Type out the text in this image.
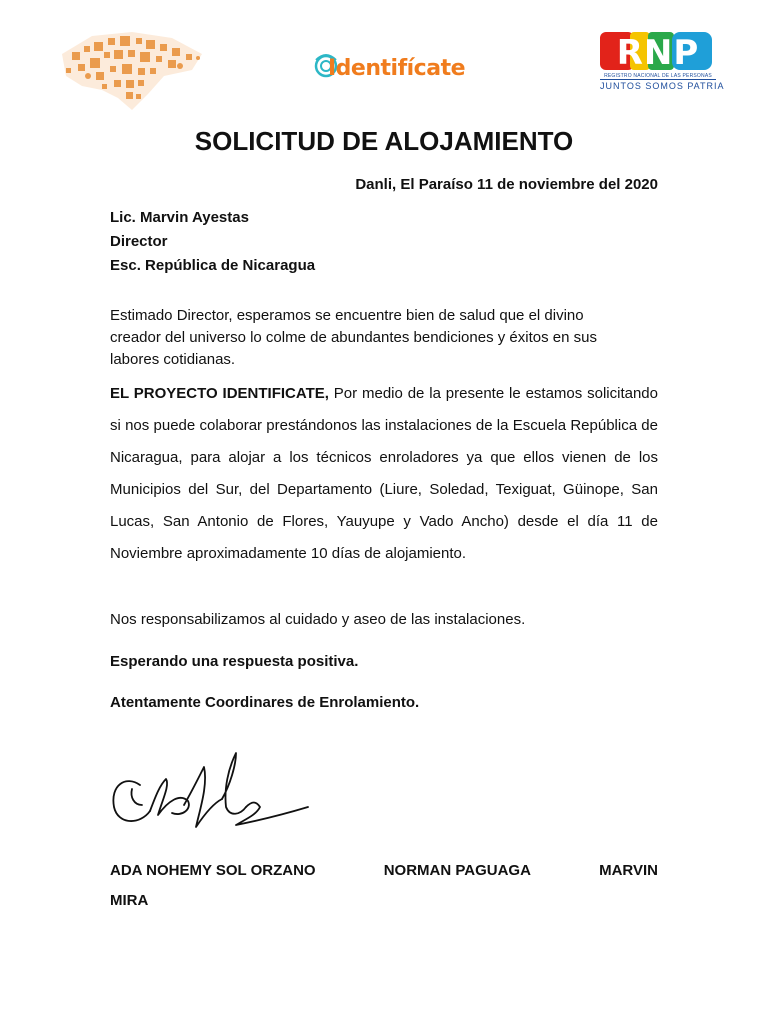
Identifícate	RNP
REGISTRO NACIONAL DE LAS PERSONAS
JUNTOS SOMOS PATRIA
SOLICITUD DE ALOJAMIENTO
Danli, El Paraíso 11 de noviembre del 2020
Lic. Marvin Ayestas
Director
Esc. República de Nicaragua
Estimado Director, esperamos se encuentre bien de salud que el divino
creador del universo lo colme de abundantes bendiciones y éxitos en sus
labores cotidianas.
EL PROYECTO IDENTIFICATE, Por medio de la presente le estamos solicitando si nos puede colaborar prestándonos las instalaciones de la Escuela República de Nicaragua, para alojar a los técnicos enroladores ya que ellos vienen de los Municipios del Sur, del Departamento (Liure, Soledad, Texiguat, Güinope, San Lucas, San Antonio de Flores, Yauyupe y Vado Ancho) desde el día 11 de Noviembre aproximadamente 10 días de alojamiento.
Nos responsabilizamos al cuidado y aseo de las instalaciones.
Esperando una respuesta positiva.
Atentamente Coordinares de Enrolamiento.
ADA NOHEMY SOL ORZANO	NORMAN PAGUAGA	MARVIN
MIRA
